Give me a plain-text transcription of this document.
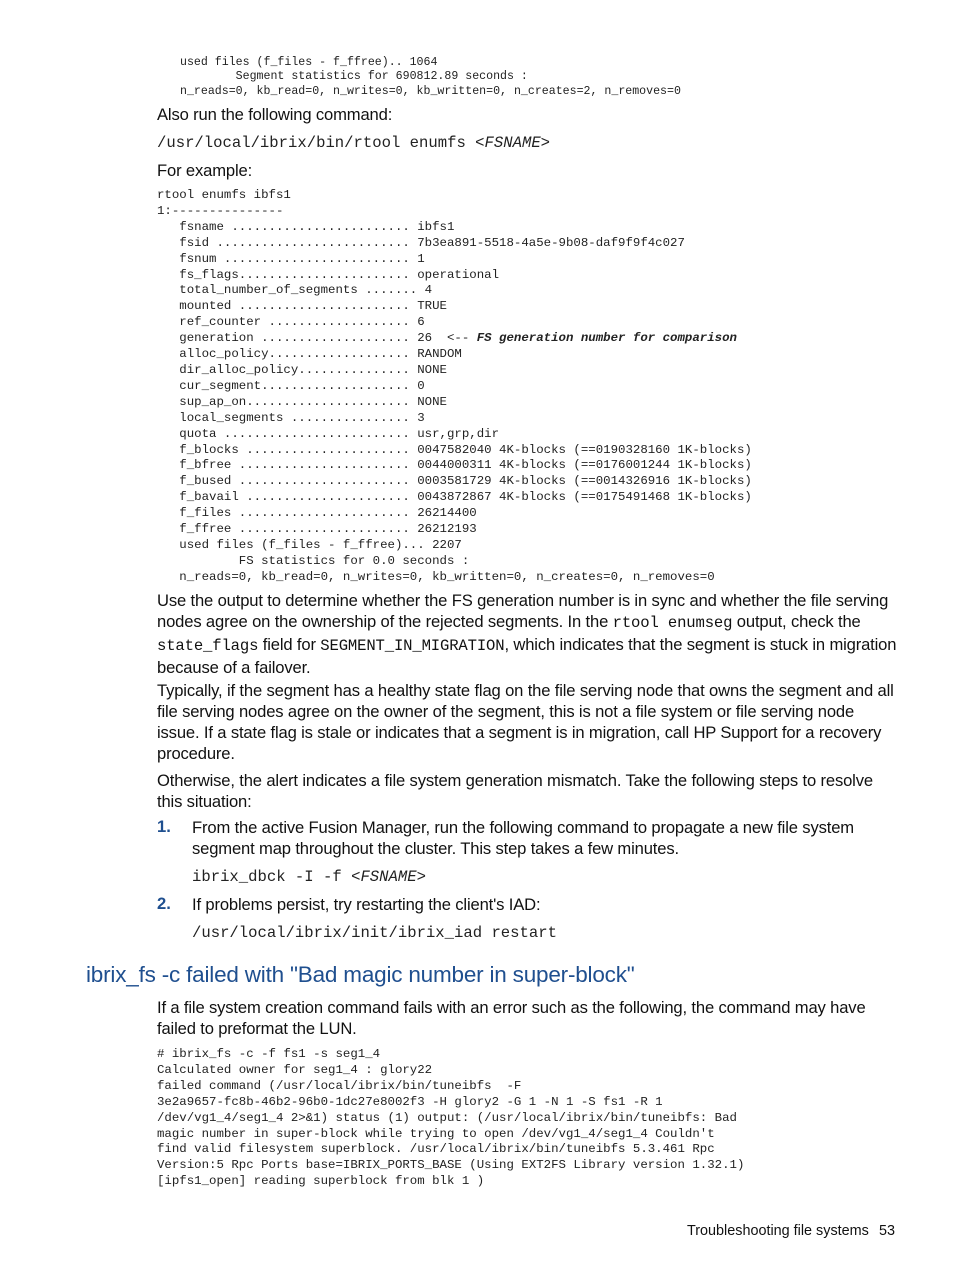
used files (f_files - f_ffree).. 1064
Segment statistics for 690812.89 seconds :
n_reads=0, kb_read=0, n_writes=0, kb_written=0, n_creates=2, n_removes=0

Also run the following command:

/usr/local/ibrix/bin/rtool enumfs <FSNAME>

For example:

rtool enumfs ibfs1
1:---------------
fsname ........................ ibfs1
fsid .......................... 7b3ea891-5518-4a5e-9b08-daf9f9f4c027
fsnum ......................... 1
fs_flags....................... operational
total_number_of_segments ....... 4
mounted ....................... TRUE
ref_counter ................... 6
generation .................... 26  <-- FS generation number for comparison
alloc_policy................... RANDOM
dir_alloc_policy............... NONE
cur_segment.................... 0
sup_ap_on...................... NONE
local_segments ................ 3
quota ......................... usr,grp,dir
f_blocks ...................... 0047582040 4K-blocks (==0190328160 1K-blocks)
f_bfree ....................... 0044000311 4K-blocks (==0176001244 1K-blocks)
f_bused ....................... 0003581729 4K-blocks (==0014326916 1K-blocks)
f_bavail ...................... 0043872867 4K-blocks (==0175491468 1K-blocks)
f_files ....................... 26214400
f_ffree ....................... 26212193
used files (f_files - f_ffree)... 2207
FS statistics for 0.0 seconds :
n_reads=0, kb_read=0, n_writes=0, kb_written=0, n_creates=0, n_removes=0

Use the output to determine whether the FS generation number is in sync and whether the file serving nodes agree on the ownership of the rejected segments. In the rtool enumseg output, check the state_flags field for SEGMENT_IN_MIGRATION, which indicates that the segment is stuck in migration because of a failover.

Typically, if the segment has a healthy state flag on the file serving node that owns the segment and all file serving nodes agree on the owner of the segment, this is not a file system or file serving node issue. If a state flag is stale or indicates that a segment is in migration, call HP Support for a recovery procedure.

Otherwise, the alert indicates a file system generation mismatch. Take the following steps to resolve this situation:

1. From the active Fusion Manager, run the following command to propagate a new file system segment map throughout the cluster. This step takes a few minutes.

ibrix_dbck -I -f <FSNAME>
2. If problems persist, try restarting the client's IAD:

/usr/local/ibrix/init/ibrix_iad restart
ibrix_fs -c failed with "Bad magic number in super-block"

If a file system creation command fails with an error such as the following, the command may have failed to preformat the LUN.

# ibrix_fs -c -f fs1 -s seg1_4
Calculated owner for seg1_4 : glory22
failed command (/usr/local/ibrix/bin/tuneibfs  -F
3e2a9657-fc8b-46b2-96b0-1dc27e8002f3 -H glory2 -G 1 -N 1 -S fs1 -R 1
/dev/vg1_4/seg1_4 2>&1) status (1) output: (/usr/local/ibrix/bin/tuneibfs: Bad
magic number in super-block while trying to open /dev/vg1_4/seg1_4 Couldn't
find valid filesystem superblock. /usr/local/ibrix/bin/tuneibfs 5.3.461 Rpc
Version:5 Rpc Ports base=IBRIX_PORTS_BASE (Using EXT2FS Library version 1.32.1)
[ipfs1_open] reading superblock from blk 1 )
Troubleshooting file systems 53
